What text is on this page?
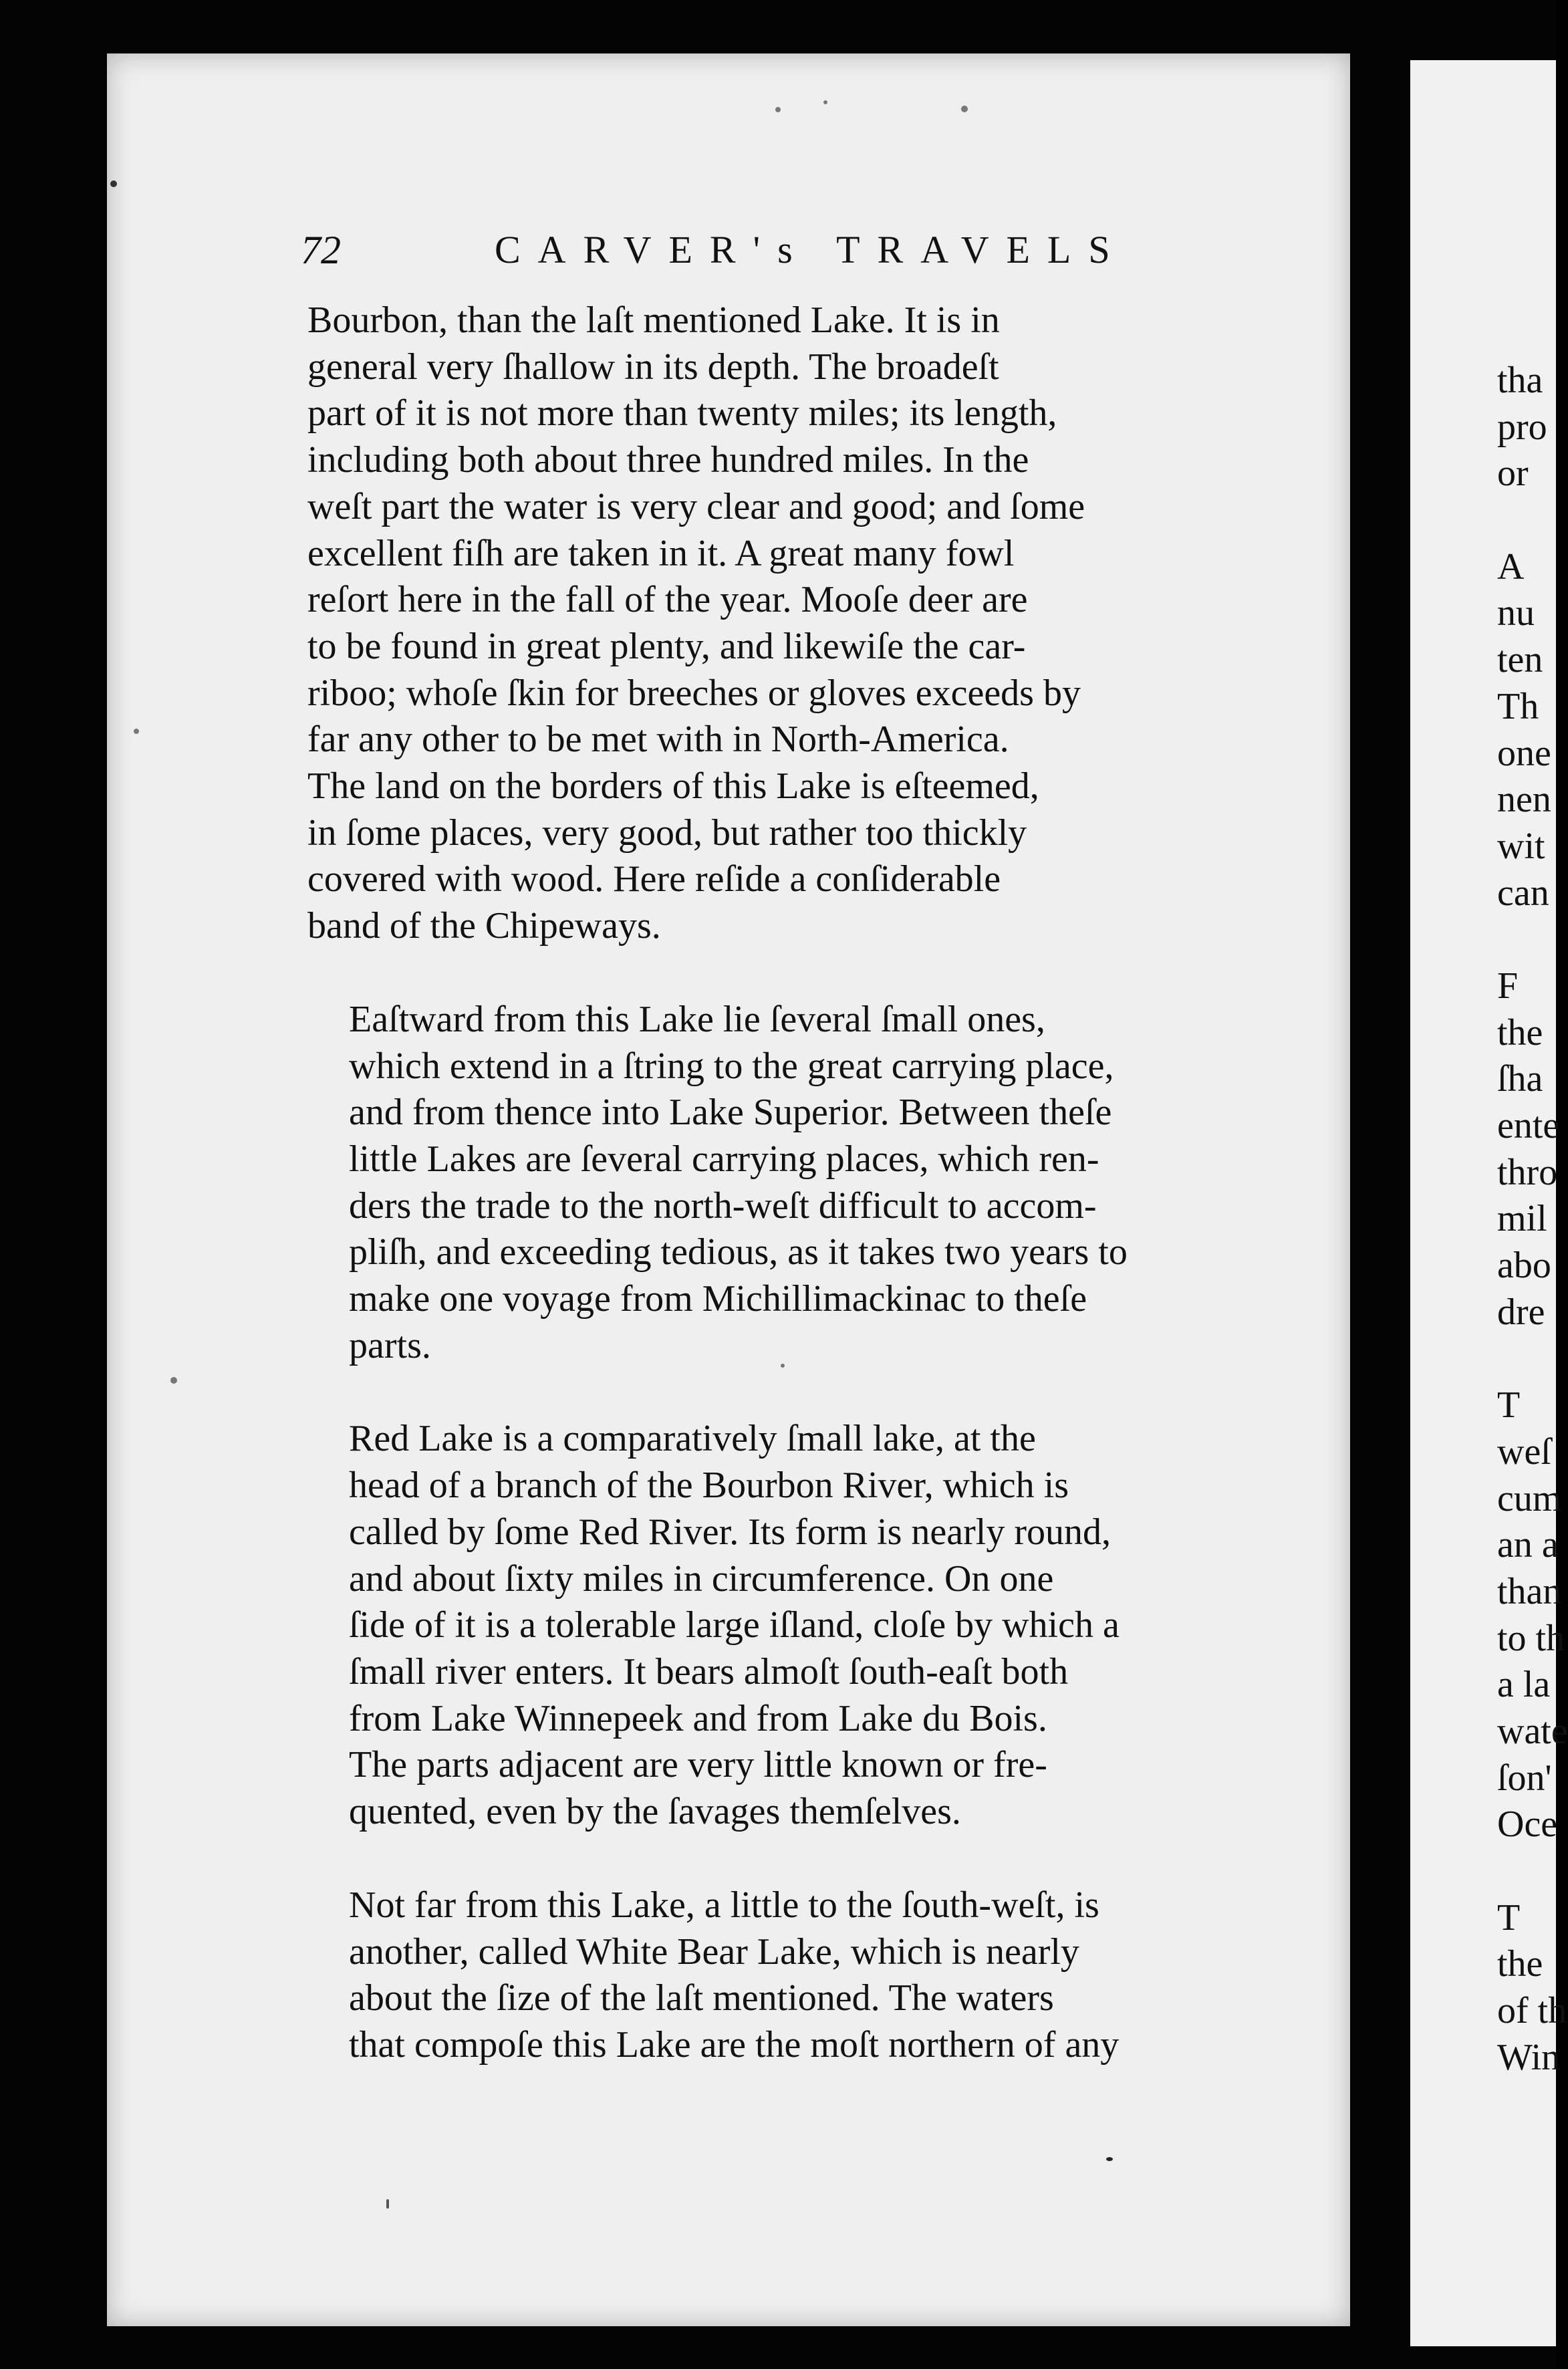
tha
pro
or
A
nu
ten
Th
one
nen
wit
can
F
the
ſha
ente
thro
mil
abo
dre
T
weſ
cum
an a
than
to th
a la
wate
ſon'
Oce
T
the
of th
Win
72	CARVER's TRAVELS
Bourbon, than the laſt mentioned Lake. It is in
general very ſhallow in its depth. The broadeſt
part of it is not more than twenty miles; its length,
including both about three hundred miles. In the
weſt part the water is very clear and good; and ſome
excellent fiſh are taken in it. A great many fowl
reſort here in the fall of the year. Mooſe deer are
to be found in great plenty, and likewiſe the car-
riboo; whoſe ſkin for breeches or gloves exceeds by
far any other to be met with in North-America.
The land on the borders of this Lake is eſteemed,
in ſome places, very good, but rather too thickly
covered with wood. Here reſide a conſiderable
band of the Chipeways.
Eaſtward from this Lake lie ſeveral ſmall ones,
which extend in a ſtring to the great carrying place,
and from thence into Lake Superior. Between theſe
little Lakes are ſeveral carrying places, which ren-
ders the trade to the north-weſt difficult to accom-
pliſh, and exceeding tedious, as it takes two years to
make one voyage from Michillimackinac to theſe
parts.
Red Lake is a comparatively ſmall lake, at the
head of a branch of the Bourbon River, which is
called by ſome Red River. Its form is nearly round,
and about ſixty miles in circumference. On one
ſide of it is a tolerable large iſland, cloſe by which a
ſmall river enters. It bears almoſt ſouth-eaſt both
from Lake Winnepeek and from Lake du Bois.
The parts adjacent are very little known or fre-
quented, even by the ſavages themſelves.
Not far from this Lake, a little to the ſouth-weſt, is
another, called White Bear Lake, which is nearly
about the ſize of the laſt mentioned. The waters
that compoſe this Lake are the moſt northern of any
